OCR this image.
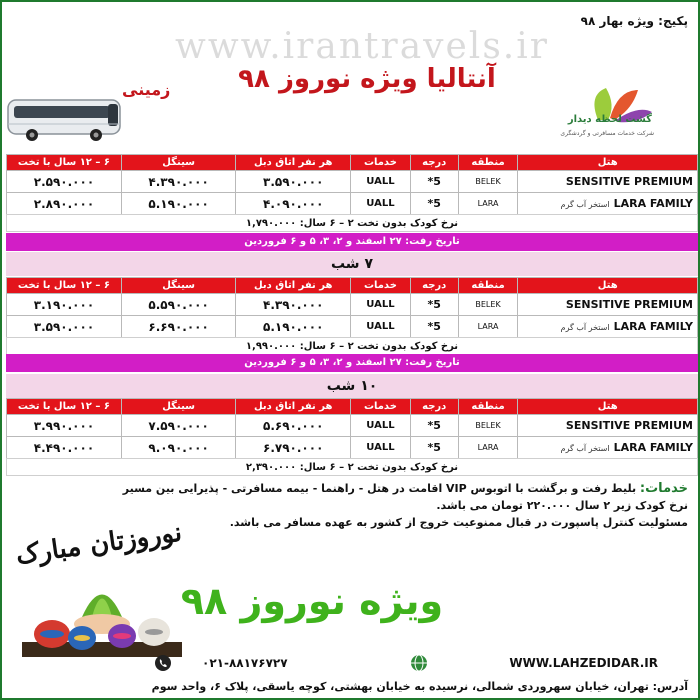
پکیج: ویژه بهار ۹۸
www.irantravels.ir
گشت لحظه دیدار
شرکت خدمات مسافرتی و گردشگری
آنتالیا ویژه نوروز ۹۸
زمینی
هتل	منطقه	درجه	خدمات	هر نفر اتاق دبل	سینگل	۶ – ۱۲ سال با تخت
SENSITIVE PREMIUM	BELEK	5*	UALL	۳.۵۹۰.۰۰۰	۴.۳۹۰.۰۰۰	۲.۵۹۰.۰۰۰
LARA FAMILYاستخر آب گرم	LARA	5*	UALL	۴.۰۹۰.۰۰۰	۵.۱۹۰.۰۰۰	۲.۸۹۰.۰۰۰
نرخ کودک بدون تخت ۲ – ۶ سال: ۱,۷۹۰.۰۰۰
تاریخ رفت: ۲۷ اسفند و ۲، ۳، ۵ و ۶ فروردین
۷ شب
هتل	منطقه	درجه	خدمات	هر نفر اتاق دبل	سینگل	۶ – ۱۲ سال با تخت
SENSITIVE PREMIUM	BELEK	5*	UALL	۴.۳۹۰.۰۰۰	۵.۵۹۰.۰۰۰	۳.۱۹۰.۰۰۰
LARA FAMILYاستخر آب گرم	LARA	5*	UALL	۵.۱۹۰.۰۰۰	۶.۶۹۰.۰۰۰	۳.۵۹۰.۰۰۰
نرخ کودک بدون تخت ۲ – ۶ سال: ۱,۹۹۰.۰۰۰
تاریخ رفت: ۲۷ اسفند و ۲، ۳، ۵ و ۶ فروردین
۱۰ شب
هتل	منطقه	درجه	خدمات	هر نفر اتاق دبل	سینگل	۶ – ۱۲ سال با تخت
SENSITIVE PREMIUM	BELEK	5*	UALL	۵.۶۹۰.۰۰۰	۷.۵۹۰.۰۰۰	۳.۹۹۰.۰۰۰
LARA FAMILYاستخر آب گرم	LARA	5*	UALL	۶.۷۹۰.۰۰۰	۹.۰۹۰.۰۰۰	۴.۴۹۰.۰۰۰
نرخ کودک بدون تخت ۲ – ۶ سال: ۲,۳۹۰.۰۰۰
خدمات: بلیط رفت و برگشت با اتوبوس VIP اقامت در هتل - راهنما - بیمه مسافرتی - پذیرایی بین مسیر
نرخ کودک زیر ۲ سال ۲۲۰.۰۰۰ تومان می باشد.
مسئولیت کنترل پاسپورت در قبال ممنوعیت خروج از کشور به عهده مسافر می باشد.
نوروزتان مبارک
ویژه نوروز ۹۸
WWW.LAHZEDIDAR.IR
۰۲۱-۸۸۱۷۶۷۲۷
آدرس: تهران، خیابان سهروردی شمالی، نرسیده به خیابان بهشتی، کوچه یاسقی، پلاک ۶، واحد سوم
